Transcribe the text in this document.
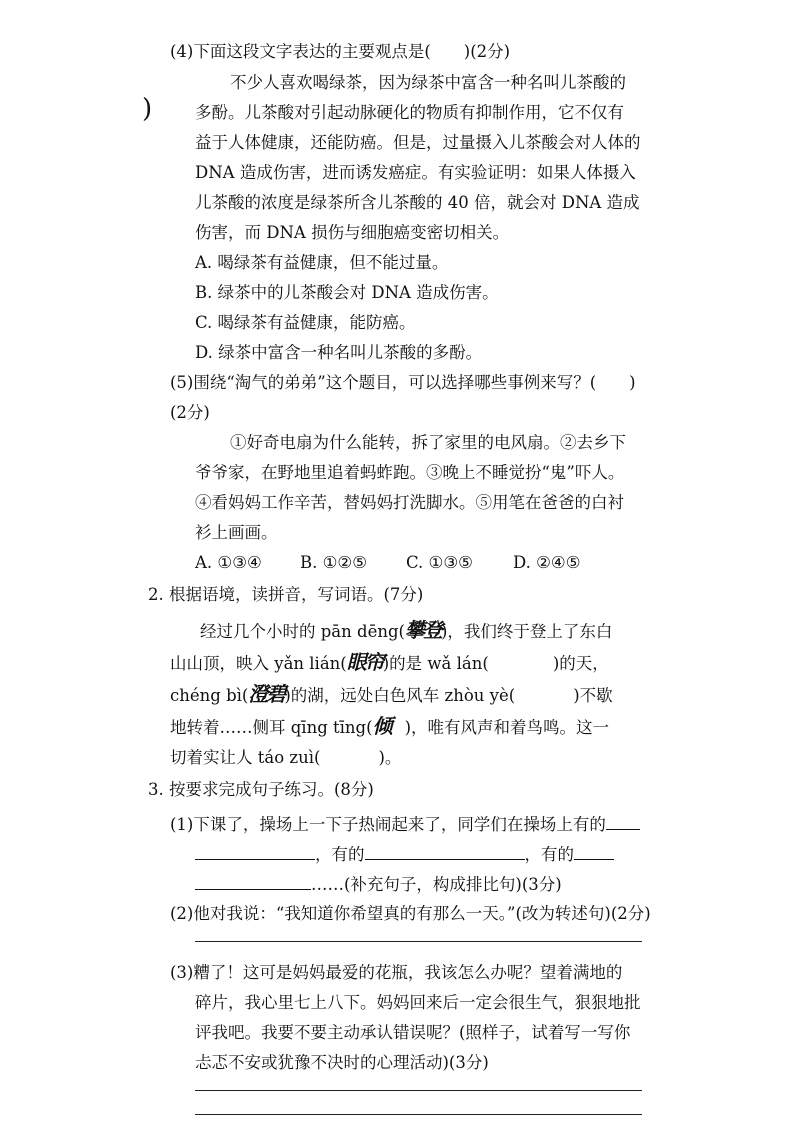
)
(4)下面这段文字表达的主要观点是(　　)(2分)
不少人喜欢喝绿茶，因为绿茶中富含一种名叫儿茶酸的
多酚。儿茶酸对引起动脉硬化的物质有抑制作用，它不仅有
益于人体健康，还能防癌。但是，过量摄入儿茶酸会对人体的
DNA 造成伤害，进而诱发癌症。有实验证明：如果人体摄入
儿茶酸的浓度是绿茶所含儿茶酸的 40 倍，就会对 DNA 造成
伤害，而 DNA 损伤与细胞癌变密切相关。
A. 喝绿茶有益健康，但不能过量。
B. 绿茶中的儿茶酸会对 DNA 造成伤害。
C. 喝绿茶有益健康，能防癌。
D. 绿茶中富含一种名叫儿茶酸的多酚。
(5)围绕“淘气的弟弟”这个题目，可以选择哪些事例来写？(　　)
(2分)
①好奇电扇为什么能转，拆了家里的电风扇。②去乡下
爷爷家，在野地里追着蚂蚱跑。③晚上不睡觉扮“鬼”吓人。
④看妈妈工作辛苦，替妈妈打洗脚水。⑤用笔在爸爸的白衬
衫上画画。
A. ①③④ B. ①②⑤ C. ①③⑤ D. ②④⑤
2. 根据语境，读拼音，写词语。(7分)
经过几个小时的 pān dēng(攀登)，我们终于登上了东白
山山顶，映入 yǎn lián(眼帘)的是 wǎ lán(	)的天，
chéng bì(澄碧)的湖，远处白色风车 zhòu yè(	)不歇
地转着……侧耳 qīng tīng(倾 )，唯有风声和着鸟鸣。这一
切着实让人 táo zuì(	)。
3. 按要求完成句子练习。(8分)
(1)下课了，操场上一下子热闹起来了，同学们在操场上有的
，有的	，有的
……(补充句子，构成排比句)(3分)
(2)他对我说：“我知道你希望真的有那么一天。”(改为转述句)(2分)
(3)糟了！这可是妈妈最爱的花瓶，我该怎么办呢？望着满地的
碎片，我心里七上八下。妈妈回来后一定会很生气，狠狠地批
评我吧。我要不要主动承认错误呢？(照样子，试着写一写你
忐忑不安或犹豫不决时的心理活动)(3分)
